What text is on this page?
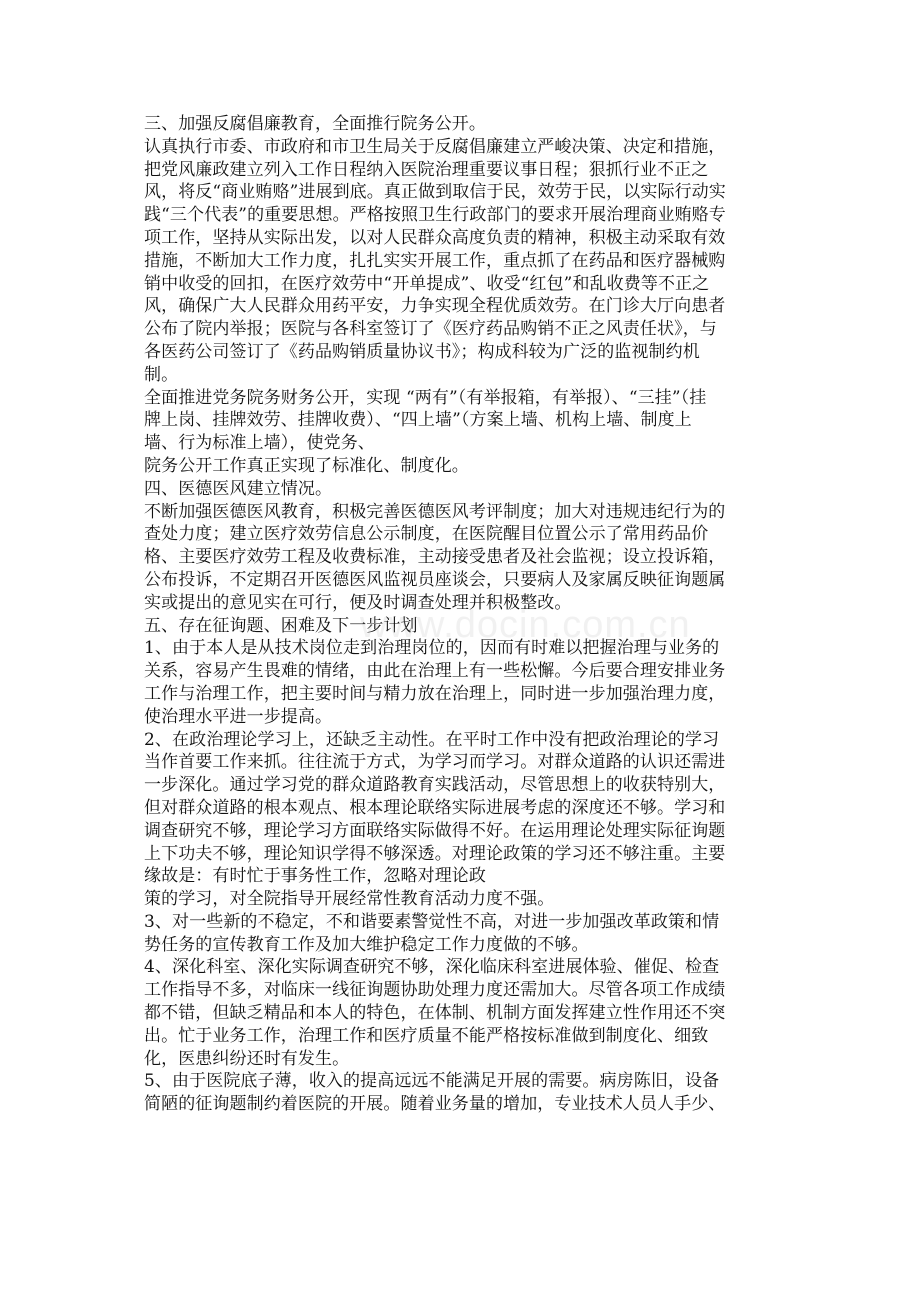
三、加强反腐倡廉教育，全面推行院务公开。

认真执行市委、市政府和市卫生局关于反腐倡廉建立严峻决策、决定和措施，
把党风廉政建立列入工作日程纳入医院治理重要议事日程；狠抓行业不正之
风，将反“商业贿赂”进展到底。真正做到取信于民，效劳于民，以实际行动实
践“三个代表”的重要思想。严格按照卫生行政部门的要求开展治理商业贿赂专
项工作，坚持从实际出发，以对人民群众高度负责的精神，积极主动采取有效
措施，不断加大工作力度，扎扎实实开展工作，重点抓了在药品和医疗器械购
销中收受的回扣，在医疗效劳中“开单提成”、收受“红包”和乱收费等不正之
风，确保广大人民群众用药平安，力争实现全程优质效劳。在门诊大厅向患者
公布了院内举报；医院与各科室签订了《医疗药品购销不正之风责任状》，与
各医药公司签订了《药品购销质量协议书》；构成科较为广泛的监视制约机
制。

全面推进党务院务财务公开，实现 “两有”（有举报箱，有举报）、“三挂”（挂
牌上岗、挂牌效劳、挂牌收费）、“四上墙”（方案上墙、机构上墙、制度上
墙、行为标准上墙），使党务、

院务公开工作真正实现了标准化、制度化。

四、医德医风建立情况。

不断加强医德医风教育，积极完善医德医风考评制度；加大对违规违纪行为的
查处力度；建立医疗效劳信息公示制度，在医院醒目位置公示了常用药品价
格、主要医疗效劳工程及收费标准，主动接受患者及社会监视；设立投诉箱，
公布投诉，不定期召开医德医风监视员座谈会，只要病人及家属反映征询题属
实或提出的意见实在可行，便及时调查处理并积极整改。

五、存在征询题、困难及下一步计划

1、由于本人是从技术岗位走到治理岗位的，因而有时难以把握治理与业务的
关系，容易产生畏难的情绪，由此在治理上有一些松懈。今后要合理安排业务
工作与治理工作，把主要时间与精力放在治理上，同时进一步加强治理力度，
使治理水平进一步提高。

2、在政治理论学习上，还缺乏主动性。在平时工作中没有把政治理论的学习
当作首要工作来抓。往往流于方式，为学习而学习。对群众道路的认识还需进
一步深化。通过学习党的群众道路教育实践活动，尽管思想上的收获特别大，
但对群众道路的根本观点、根本理论联络实际进展考虑的深度还不够。学习和
调查研究不够，理论学习方面联络实际做得不好。在运用理论处理实际征询题
上下功夫不够，理论知识学得不够深透。对理论政策的学习还不够注重。主要
缘故是：有时忙于事务性工作，忽略对理论政

策的学习，对全院指导开展经常性教育活动力度不强。

3、对一些新的不稳定，不和谐要素警觉性不高，对进一步加强改革政策和情
势任务的宣传教育工作及加大维护稳定工作力度做的不够。

4、深化科室、深化实际调查研究不够，深化临床科室进展体验、催促、检查
工作指导不多，对临床一线征询题协助处理力度还需加大。尽管各项工作成绩
都不错，但缺乏精品和本人的特色，在体制、机制方面发挥建立性作用还不突
出。忙于业务工作，治理工作和医疗质量不能严格按标准做到制度化、细致
化，医患纠纷还时有发生。

5、由于医院底子薄，收入的提高远远不能满足开展的需要。病房陈旧，设备
简陋的征询题制约着医院的开展。随着业务量的增加，专业技术人员人手少、

www.docin.com.cn
